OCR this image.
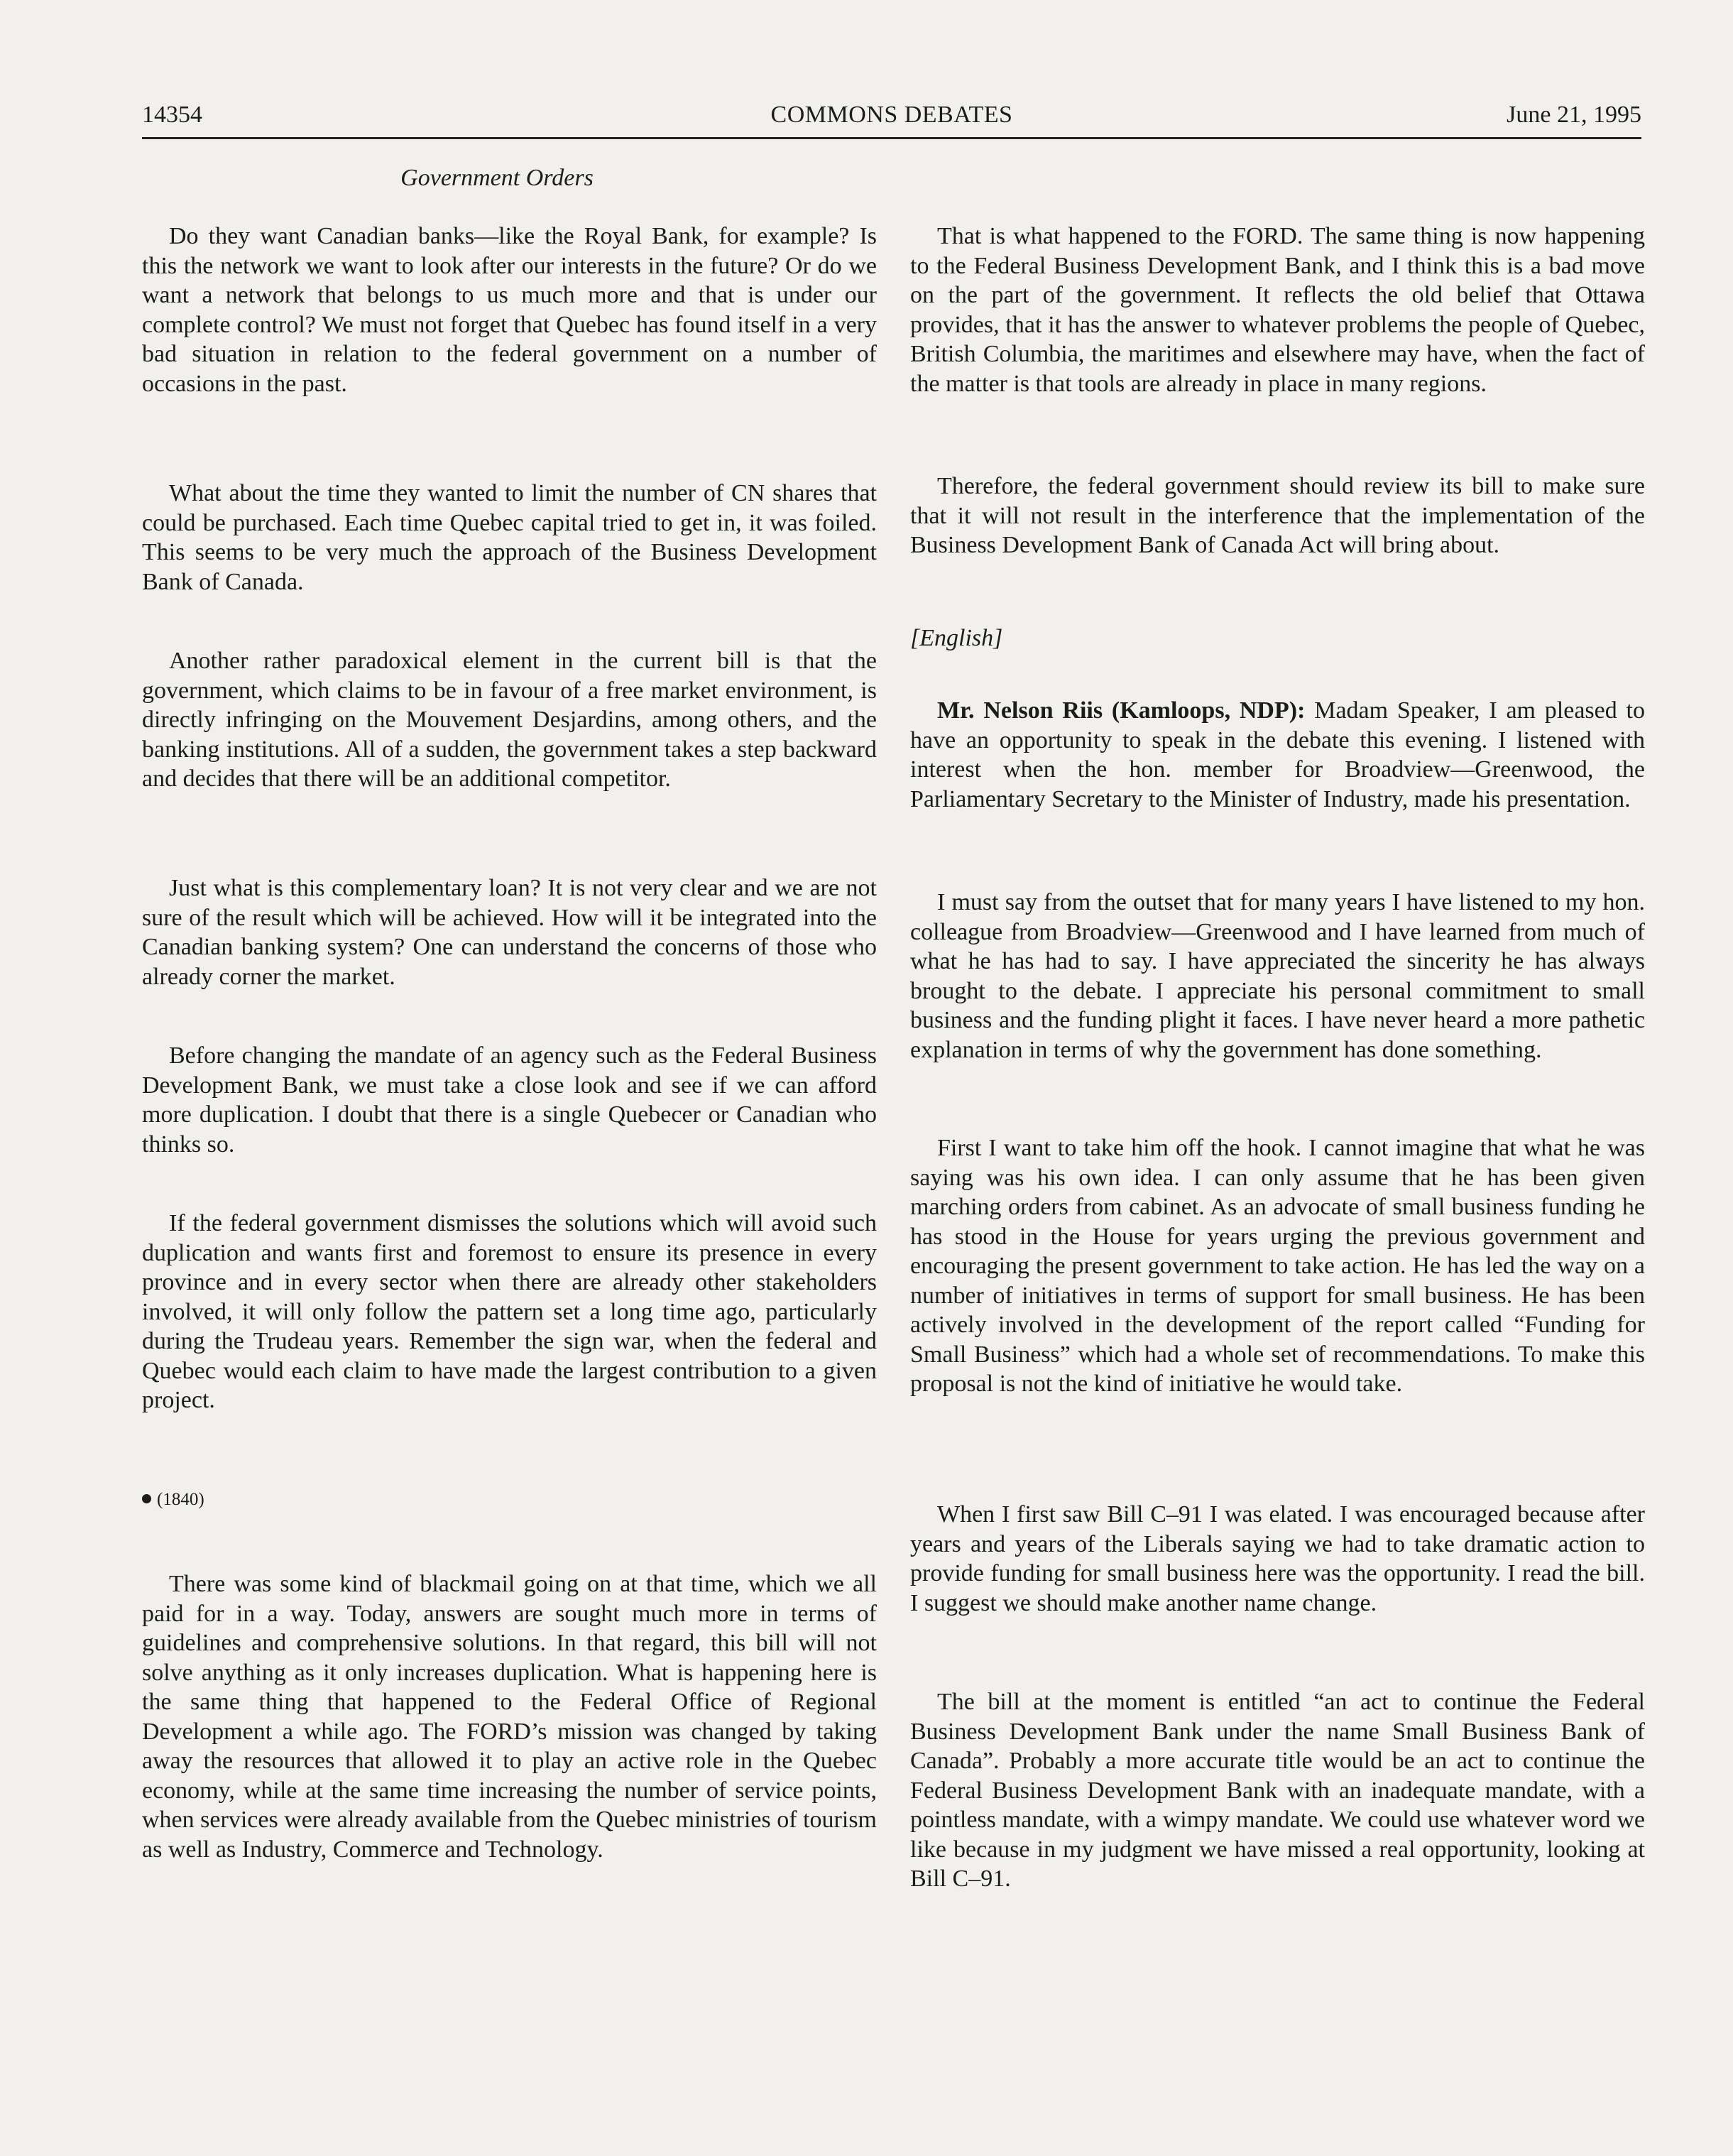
14354	COMMONS DEBATES	June 21, 1995
Government Orders

Do they want Canadian banks—like the Royal Bank, for example? Is this the network we want to look after our interests in the future? Or do we want a network that belongs to us much more and that is under our complete control? We must not forget that Quebec has found itself in a very bad situation in relation to the federal government on a number of occasions in the past.

What about the time they wanted to limit the number of CN shares that could be purchased. Each time Quebec capital tried to get in, it was foiled. This seems to be very much the approach of the Business Development Bank of Canada.

Another rather paradoxical element in the current bill is that the government, which claims to be in favour of a free market environment, is directly infringing on the Mouvement Desjardins, among others, and the banking institutions. All of a sudden, the government takes a step backward and decides that there will be an additional competitor.

Just what is this complementary loan? It is not very clear and we are not sure of the result which will be achieved. How will it be integrated into the Canadian banking system? One can understand the concerns of those who already corner the market.

Before changing the mandate of an agency such as the Federal Business Development Bank, we must take a close look and see if we can afford more duplication. I doubt that there is a single Quebecer or Canadian who thinks so.

If the federal government dismisses the solutions which will avoid such duplication and wants first and foremost to ensure its presence in every province and in every sector when there are already other stakeholders involved, it will only follow the pattern set a long time ago, particularly during the Trudeau years. Remember the sign war, when the federal and Quebec would each claim to have made the largest contribution to a given project.

(1840)

There was some kind of blackmail going on at that time, which we all paid for in a way. Today, answers are sought much more in terms of guidelines and comprehensive solutions. In that regard, this bill will not solve anything as it only increases duplication. What is happening here is the same thing that happened to the Federal Office of Regional Development a while ago. The FORD’s mission was changed by taking away the resources that allowed it to play an active role in the Quebec economy, while at the same time increasing the number of service points, when services were already available from the Quebec ministries of tourism as well as Industry, Commerce and Technology.

That is what happened to the FORD. The same thing is now happening to the Federal Business Development Bank, and I think this is a bad move on the part of the government. It reflects the old belief that Ottawa provides, that it has the answer to whatever problems the people of Quebec, British Columbia, the maritimes and elsewhere may have, when the fact of the matter is that tools are already in place in many regions.

Therefore, the federal government should review its bill to make sure that it will not result in the interference that the implementation of the Business Development Bank of Canada Act will bring about.

[English]

Mr. Nelson Riis (Kamloops, NDP): Madam Speaker, I am pleased to have an opportunity to speak in the debate this evening. I listened with interest when the hon. member for Broadview—Greenwood, the Parliamentary Secretary to the Minister of Industry, made his presentation.

I must say from the outset that for many years I have listened to my hon. colleague from Broadview—Greenwood and I have learned from much of what he has had to say. I have appreciated the sincerity he has always brought to the debate. I appreciate his personal commitment to small business and the funding plight it faces. I have never heard a more pathetic explanation in terms of why the government has done something.

First I want to take him off the hook. I cannot imagine that what he was saying was his own idea. I can only assume that he has been given marching orders from cabinet. As an advocate of small business funding he has stood in the House for years urging the previous government and encouraging the present government to take action. He has led the way on a number of initiatives in terms of support for small business. He has been actively involved in the development of the report called “Funding for Small Business” which had a whole set of recommendations. To make this proposal is not the kind of initiative he would take.

When I first saw Bill C–91 I was elated. I was encouraged because after years and years of the Liberals saying we had to take dramatic action to provide funding for small business here was the opportunity. I read the bill. I suggest we should make another name change.

The bill at the moment is entitled “an act to continue the Federal Business Development Bank under the name Small Business Bank of Canada”. Probably a more accurate title would be an act to continue the Federal Business Development Bank with an inadequate mandate, with a pointless mandate, with a wimpy mandate. We could use whatever word we like because in my judgment we have missed a real opportunity, looking at Bill C–91.
